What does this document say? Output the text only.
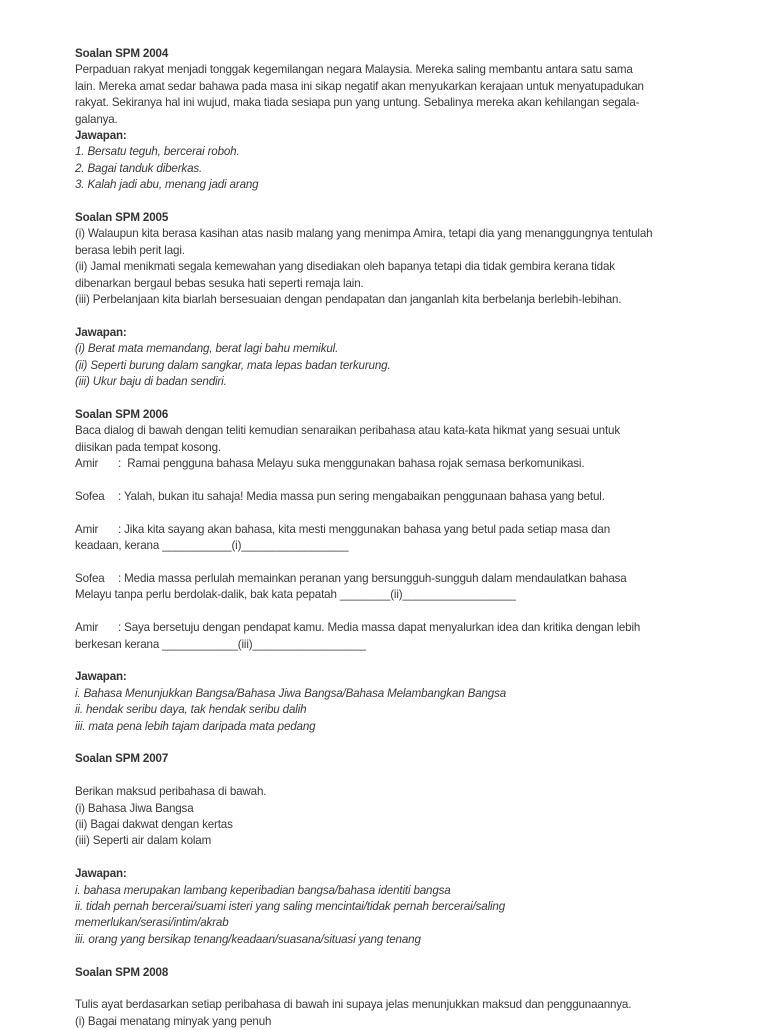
Soalan SPM 2004
Perpaduan rakyat menjadi tonggak kegemilangan negara Malaysia. Mereka saling membantu antara satu sama
lain. Mereka amat sedar bahawa pada masa ini sikap negatif akan menyukarkan kerajaan untuk menyatupadukan
rakyat. Sekiranya hal ini wujud, maka tiada sesiapa pun yang untung. Sebalinya mereka akan kehilangan segala-
galanya.
Jawapan:
1. Bersatu teguh, bercerai roboh.
2. Bagai tanduk diberkas.
3. Kalah jadi abu, menang jadi arang
Soalan SPM 2005
(i) Walaupun kita berasa kasihan atas nasib malang yang menimpa Amira, tetapi dia yang menanggungnya tentulah
berasa lebih perit lagi.
(ii) Jamal menikmati segala kemewahan yang disediakan oleh bapanya tetapi dia tidak gembira kerana tidak
dibenarkan bergaul bebas sesuka hati seperti remaja lain.
(iii) Perbelanjaan kita biarlah bersesuaian dengan pendapatan dan janganlah kita berbelanja berlebih-lebihan.
Jawapan:
(i) Berat mata memandang, berat lagi bahu memikul.
(ii) Seperti burung dalam sangkar, mata lepas badan terkurung.
(iii) Ukur baju di badan sendiri.
Soalan SPM 2006
Baca dialog di bawah dengan teliti kemudian senaraikan peribahasa atau kata-kata hikmat yang sesuai untuk
diisikan pada tempat kosong.
Amir : Ramai pengguna bahasa Melayu suka menggunakan bahasa rojak semasa berkomunikasi.
Sofea : Yalah, bukan itu sahaja! Media massa pun sering mengabaikan penggunaan bahasa yang betul.
Amir : Jika kita sayang akan bahasa, kita mesti menggunakan bahasa yang betul pada setiap masa dan
keadaan, kerana ___________(i)_________________
Sofea : Media massa perlulah memainkan peranan yang bersungguh-sungguh dalam mendaulatkan bahasa
Melayu tanpa perlu berdolak-dalik, bak kata pepatah ________(ii)__________________
Amir : Saya bersetuju dengan pendapat kamu. Media massa dapat menyalurkan idea dan kritika dengan lebih
berkesan kerana ____________(iii)__________________
Jawapan:
i. Bahasa Menunjukkan Bangsa/Bahasa Jiwa Bangsa/Bahasa Melambangkan Bangsa
ii. hendak seribu daya, tak hendak seribu dalih
iii. mata pena lebih tajam daripada mata pedang
Soalan SPM 2007
Berikan maksud peribahasa di bawah.
(i) Bahasa Jiwa Bangsa
(ii) Bagai dakwat dengan kertas
(iii) Seperti air dalam kolam
Jawapan:
i. bahasa merupakan lambang keperibadian bangsa/bahasa identiti bangsa
ii. tidah pernah bercerai/suami isteri yang saling mencintai/tidak pernah bercerai/saling
memerlukan/serasi/intim/akrab
iii. orang yang bersikap tenang/keadaan/suasana/situasi yang tenang
Soalan SPM 2008
Tulis ayat berdasarkan setiap peribahasa di bawah ini supaya jelas menunjukkan maksud dan penggunaannya.
(i) Bagai menatang minyak yang penuh
